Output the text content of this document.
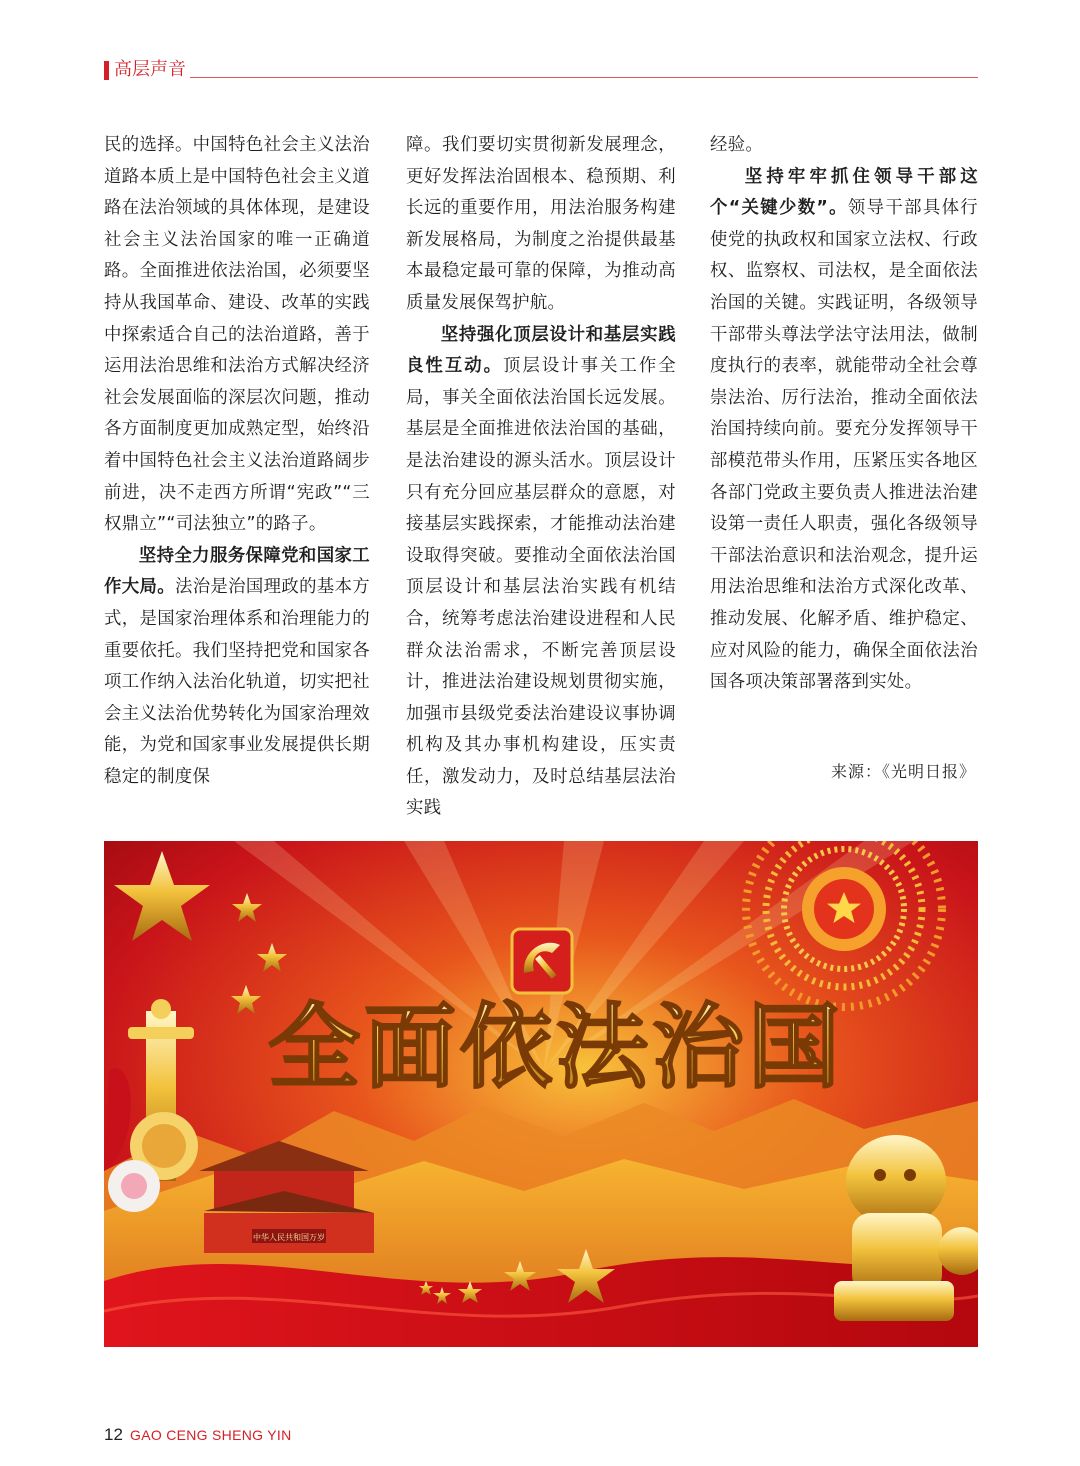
高层声音

民的选择。中国特色社会主义法治道路本质上是中国特色社会主义道路在法治领域的具体体现，是建设社会主义法治国家的唯一正确道路。全面推进依法治国，必须要坚持从我国革命、建设、改革的实践中探索适合自己的法治道路，善于运用法治思维和法治方式解决经济社会发展面临的深层次问题，推动各方面制度更加成熟定型，始终沿着中国特色社会主义法治道路阔步前进，决不走西方所谓“宪政”“三权鼎立”“司法独立”的路子。

坚持全力服务保障党和国家工作大局。法治是治国理政的基本方式，是国家治理体系和治理能力的重要依托。我们坚持把党和国家各项工作纳入法治化轨道，切实把社会主义法治优势转化为国家治理效能，为党和国家事业发展提供长期稳定的制度保

障。我们要切实贯彻新发展理念，更好发挥法治固根本、稳预期、利长远的重要作用，用法治服务构建新发展格局，为制度之治提供最基本最稳定最可靠的保障，为推动高质量发展保驾护航。

坚持强化顶层设计和基层实践良性互动。顶层设计事关工作全局，事关全面依法治国长远发展。基层是全面推进依法治国的基础，是法治建设的源头活水。顶层设计只有充分回应基层群众的意愿，对接基层实践探索，才能推动法治建设取得突破。要推动全面依法治国顶层设计和基层法治实践有机结合，统筹考虑法治建设进程和人民群众法治需求，不断完善顶层设计，推进法治建设规划贯彻实施，加强市县级党委法治建设议事协调机构及其办事机构建设，压实责任，激发动力，及时总结基层法治实践

经验。

坚持牢牢抓住领导干部这个“关键少数”。领导干部具体行使党的执政权和国家立法权、行政权、监察权、司法权，是全面依法治国的关键。实践证明，各级领导干部带头尊法学法守法用法，做制度执行的表率，就能带动全社会尊崇法治、厉行法治，推动全面依法治国持续向前。要充分发挥领导干部模范带头作用，压紧压实各地区各部门党政主要负责人推进法治建设第一责任人职责，强化各级领导干部法治意识和法治观念，提升运用法治思维和法治方式深化改革、推动发展、化解矛盾、维护稳定、应对风险的能力，确保全面依法治国各项决策部署落到实处。

来源：《光明日报》
中华人民共和国万岁
全面依法治国
12 GAO CENG SHENG YIN
